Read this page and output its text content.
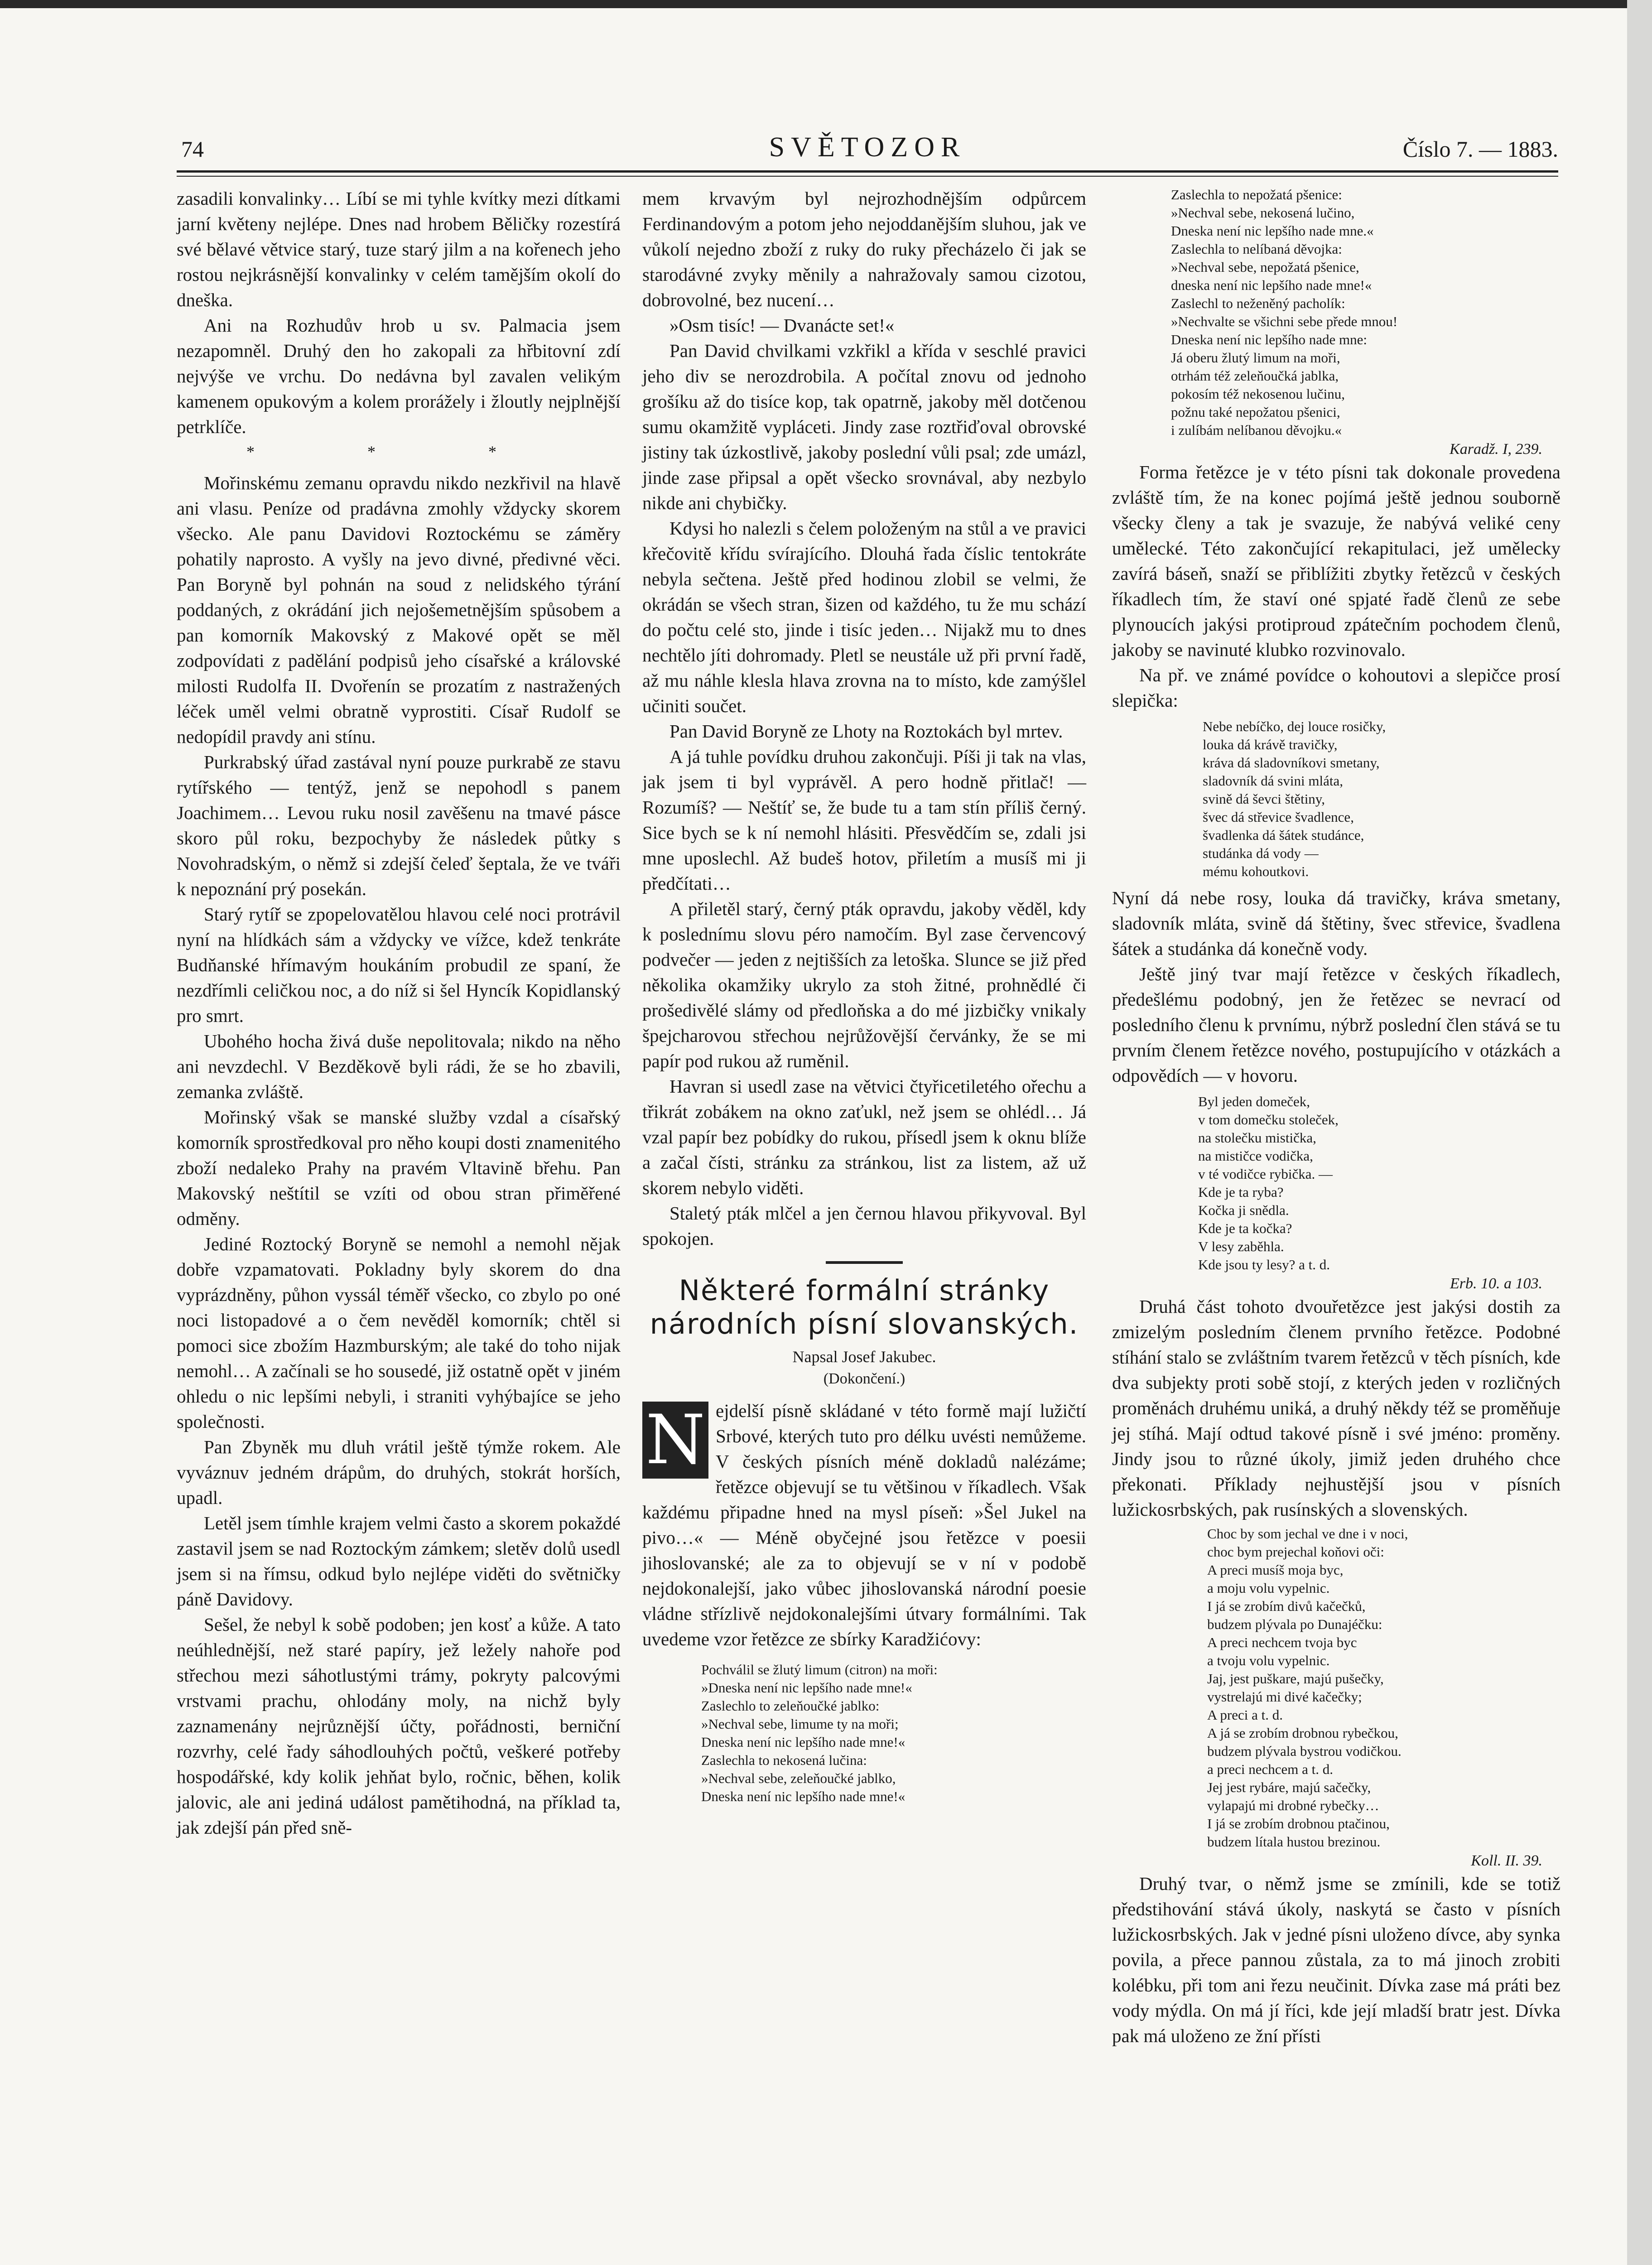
SVĚTOZOR
74	Číslo 7. — 1883.

zasadili konvalinky… Líbí se mi tyhle kvítky mezi dítkami jarní květeny nejlépe. Dnes nad hrobem Běličky rozestírá své bělavé větvice starý, tuze starý jilm a na kořenech jeho rostou nejkrásnější konvalinky v celém tamějším okolí do dneška.

Ani na Rozhudův hrob u sv. Palmacia jsem nezapomněl. Druhý den ho zakopali za hřbitovní zdí nejvýše ve vrchu. Do nedávna byl zavalen velikým kamenem opukovým a kolem prorážely i žloutly nejplnější petrklíče.

* * *

Mořinskému zemanu opravdu nikdo nezkřivil na hlavě ani vlasu. Peníze od pradávna zmohly vždycky skorem všecko. Ale panu Davidovi Roztockému se záměry pohatily naprosto. A vyšly na jevo divné, předivné věci. Pan Boryně byl pohnán na soud z nelidského týrání poddaných, z okrádání jich nejošemetnějším spůsobem a pan komorník Makovský z Makové opět se měl zodpovídati z padělání podpisů jeho císařské a královské milosti Rudolfa II. Dvořenín se prozatím z nastražených léček uměl velmi obratně vyprostiti. Císař Rudolf se nedopídil pravdy ani stínu.

Purkrabský úřad zastával nyní pouze purkrabě ze stavu rytířského — tentýž, jenž se nepohodl s panem Joachimem… Levou ruku nosil zavěšenu na tmavé pásce skoro půl roku, bezpochyby že následek půtky s Novohradským, o němž si zdejší čeleď šeptala, že ve tváři k nepoznání prý posekán.

Starý rytíř se zpopelovatělou hlavou celé noci protrávil nyní na hlídkách sám a vždycky ve vížce, kdež tenkráte Budňanské hřímavým houkáním probudil ze spaní, že nezdřímli celičkou noc, a do níž si šel Hyncík Kopidlanský pro smrt.

Ubohého hocha živá duše nepolitovala; nikdo na něho ani nevzdechl. V Bezděkově byli rádi, že se ho zbavili, zemanka zvláště.

Mořinský však se manské služby vzdal a císařský komorník sprostředkoval pro něho koupi dosti znamenitého zboží nedaleko Prahy na pravém Vltavině břehu. Pan Makovský neštítil se vzíti od obou stran přiměřené odměny.

Jediné Roztocký Boryně se nemohl a nemohl nějak dobře vzpamatovati. Pokladny byly skorem do dna vyprázdněny, půhon vyssál téměř všecko, co zbylo po oné noci listopadové a o čem nevěděl komorník; chtěl si pomoci sice zbožím Hazmburským; ale také do toho nijak nemohl… A začínali se ho sousedé, již ostatně opět v jiném ohledu o nic lepšími nebyli, i straniti vyhýbajíce se jeho společnosti.

Pan Zbyněk mu dluh vrátil ještě týmže rokem. Ale vyváznuv jedném drápům, do druhých, stokrát horších, upadl.

Letěl jsem tímhle krajem velmi často a skorem pokaždé zastavil jsem se nad Roztockým zámkem; sletěv dolů usedl jsem si na římsu, odkud bylo nejlépe viděti do světničky páně Davidovy.

Sešel, že nebyl k sobě podoben; jen kosť a kůže. A tato neúhlednější, než staré papíry, jež ležely nahoře pod střechou mezi sáhotlustými trámy, pokryty palcovými vrstvami prachu, ohlodány moly, na nichž byly zaznamenány nejrůznější účty, pořádnosti, berniční rozvrhy, celé řady sáhodlouhých počtů, veškeré potřeby hospodářské, kdy kolik jehňat bylo, ročnic, běhen, kolik jalovic, ale ani jediná událost pamětihodná, na příklad ta, jak zdejší pán před sně-

mem krvavým byl nejrozhodnějším odpůrcem Ferdinandovým a potom jeho nejoddanějším sluhou, jak ve vůkolí nejedno zboží z ruky do ruky přecházelo či jak se starodávné zvyky měnily a nahražovaly samou cizotou, dobrovolné, bez nucení…

»Osm tisíc! — Dvanácte set!«

Pan David chvilkami vzkřikl a křída v seschlé pravici jeho div se nerozdrobila. A počítal znovu od jednoho grošíku až do tisíce kop, tak opatrně, jakoby měl dotčenou sumu okamžitě vypláceti. Jindy zase roztřiďoval obrovské jistiny tak úzkostlivě, jakoby poslední vůli psal; zde umázl, jinde zase připsal a opět všecko srovnával, aby nezbylo nikde ani chybičky.

Kdysi ho nalezli s čelem položeným na stůl a ve pravici křečovitě křídu svírajícího. Dlouhá řada číslic tentokráte nebyla sečtena. Ještě před hodinou zlobil se velmi, že okrádán se všech stran, šizen od každého, tu že mu schází do počtu celé sto, jinde i tisíc jeden… Nijakž mu to dnes nechtělo jíti dohromady. Pletl se neustále už při první řadě, až mu náhle klesla hlava zrovna na to místo, kde zamýšlel učiniti součet.

Pan David Boryně ze Lhoty na Roztokách byl mrtev.

A já tuhle povídku druhou zakončuji. Píši ji tak na vlas, jak jsem ti byl vyprávěl. A pero hodně přitlač! — Rozumíš? — Neštíť se, že bude tu a tam stín příliš černý. Sice bych se k ní nemohl hlásiti. Přesvědčím se, zdali jsi mne uposlechl. Až budeš hotov, přiletím a musíš mi ji předčítati…

A přiletěl starý, černý pták opravdu, jakoby věděl, kdy k poslednímu slovu péro namočím. Byl zase červencový podvečer — jeden z nejtišších za letoška. Slunce se již před několika okamžiky ukrylo za stoh žitné, prohnědlé či prošedivělé slámy od předloňska a do mé jizbičky vnikaly špejcharovou střechou nejrůžovější červánky, že se mi papír pod rukou až ruměnil.

Havran si usedl zase na větvici čtyřicetiletého ořechu a třikrát zobákem na okno zaťukl, než jsem se ohlédl… Já vzal papír bez pobídky do rukou, přísedl jsem k oknu blíže a začal čísti, stránku za stránkou, list za listem, až už skorem nebylo viděti.

Staletý pták mlčel a jen černou hlavou přikyvoval. Byl spokojen.

Některé formální stránky národních písní slovanských.
Napsal Josef Jakubec.
(Dokončení.)
N ejdelší písně skládané v této formě mají lužičtí Srbové, kterých tuto pro délku uvésti nemůžeme. V českých písních méně dokladů nalézáme; řetězce objevují se tu většinou v říkadlech. Však každému připadne hned na mysl píseň: »Šel Jukel na pivo…« — Méně obyčejné jsou řetězce v poesii jihoslovanské; ale za to objevují se v ní v podobě nejdokonalejší, jako vůbec jihoslovanská národní poesie vládne střízlivě nejdokonalejšími útvary formálními. Tak uvedeme vzor řetězce ze sbírky Karadžićovy:

Pochválil se žlutý limum (citron) na moři:
»Dneska není nic lepšího nade mne!«
Zaslechlo to zeleňoučké jablko:
»Nechval sebe, limume ty na moři;
Dneska není nic lepšího nade mne!«
Zaslechla to nekosená lučina:
»Nechval sebe, zeleňoučké jablko,
Dneska není nic lepšího nade mne!«
Zaslechla to nepožatá pšenice:
»Nechval sebe, nekosená lučino,
Dneska není nic lepšího nade mne.«
Zaslechla to nelíbaná děvojka:
»Nechval sebe, nepožatá pšenice,
dneska není nic lepšího nade mne!«
Zaslechl to neženěný pacholík:
»Nechvalte se všichni sebe přede mnou!
Dneska není nic lepšího nade mne:
Já oberu žlutý limum na moři,
otrhám též zeleňoučká jablka,
pokosím též nekosenou lučinu,
požnu také nepožatou pšenici,
i zulíbám nelíbanou děvojku.«
Karadž. I, 239.

Forma řetězce je v této písni tak dokonale provedena zvláště tím, že na konec pojímá ještě jednou souborně všecky členy a tak je svazuje, že nabývá veliké ceny umělecké. Této zakončující rekapitulaci, jež umělecky zavírá báseň, snaží se přiblížiti zbytky řetězců v českých říkadlech tím, že staví oné spjaté řadě členů ze sebe plynoucích jakýsi protiproud zpátečním pochodem členů, jakoby se navinuté klubko rozvinovalo.

Na př. ve známé povídce o kohoutovi a slepičce prosí slepička:

Nebe nebíčko, dej louce rosičky,
louka dá krávě travičky,
kráva dá sladovníkovi smetany,
sladovník dá svini mláta,
svině dá ševci štětiny,
švec dá střevice švadlence,
švadlenka dá šátek studánce,
studánka dá vody —
mému kohoutkovi.

Nyní dá nebe rosy, louka dá travičky, kráva smetany, sladovník mláta, svině dá štětiny, švec střevice, švadlena šátek a studánka dá konečně vody.

Ještě jiný tvar mají řetězce v českých říkadlech, předešlému podobný, jen že řetězec se nevrací od posledního členu k prvnímu, nýbrž poslední člen stává se tu prvním členem řetězce nového, postupujícího v otázkách a odpovědích — v hovoru.

Byl jeden domeček,
v tom domečku stoleček,
na stolečku mistička,
na mističce vodička,
v té vodičce rybička. —
Kde je ta ryba?
Kočka ji snědla.
Kde je ta kočka?
V lesy zaběhla.
Kde jsou ty lesy? a t. d.
Erb. 10. a 103.

Druhá část tohoto dvouřetězce jest jakýsi dostih za zmizelým posledním členem prvního řetězce. Podobné stíhání stalo se zvláštním tvarem řetězců v těch písních, kde dva subjekty proti sobě stojí, z kterých jeden v rozličných proměnách druhému uniká, a druhý někdy též se proměňuje jej stíhá. Mají odtud takové písně i své jméno: proměny. Jindy jsou to různé úkoly, jimiž jeden druhého chce překonati. Příklady nejhustější jsou v písních lužickosrbských, pak rusínských a slovenských.

Choc by som jechal ve dne i v noci,
choc bym prejechal koňovi oči:
A preci musíš moja byc,
a moju volu vypelnic.
I já se zrobím divů kačečků,
budzem plývala po Dunajéčku:
A preci nechcem tvoja byc
a tvoju volu vypelnic.
Jaj, jest puškare, majú pušečky,
vystrelajú mi divé kačečky;
A preci a t. d.
A já se zrobím drobnou rybečkou,
budzem plývala bystrou vodičkou.
a preci nechcem a t. d.
Jej jest rybáre, majú sačečky,
vylapajú mi drobné rybečky…
I já se zrobím drobnou ptačinou,
budzem lítala hustou brezinou.
Koll. II. 39.

Druhý tvar, o němž jsme se zmínili, kde se totiž předstihování stává úkoly, naskytá se často v písních lužickosrbských. Jak v jedné písni uloženo dívce, aby synka povila, a přece pannou zůstala, za to má jinoch zrobiti kolébku, při tom ani řezu neučinit. Dívka zase má práti bez vody mýdla. On má jí říci, kde její mladší bratr jest. Dívka pak má uloženo ze žní přísti
